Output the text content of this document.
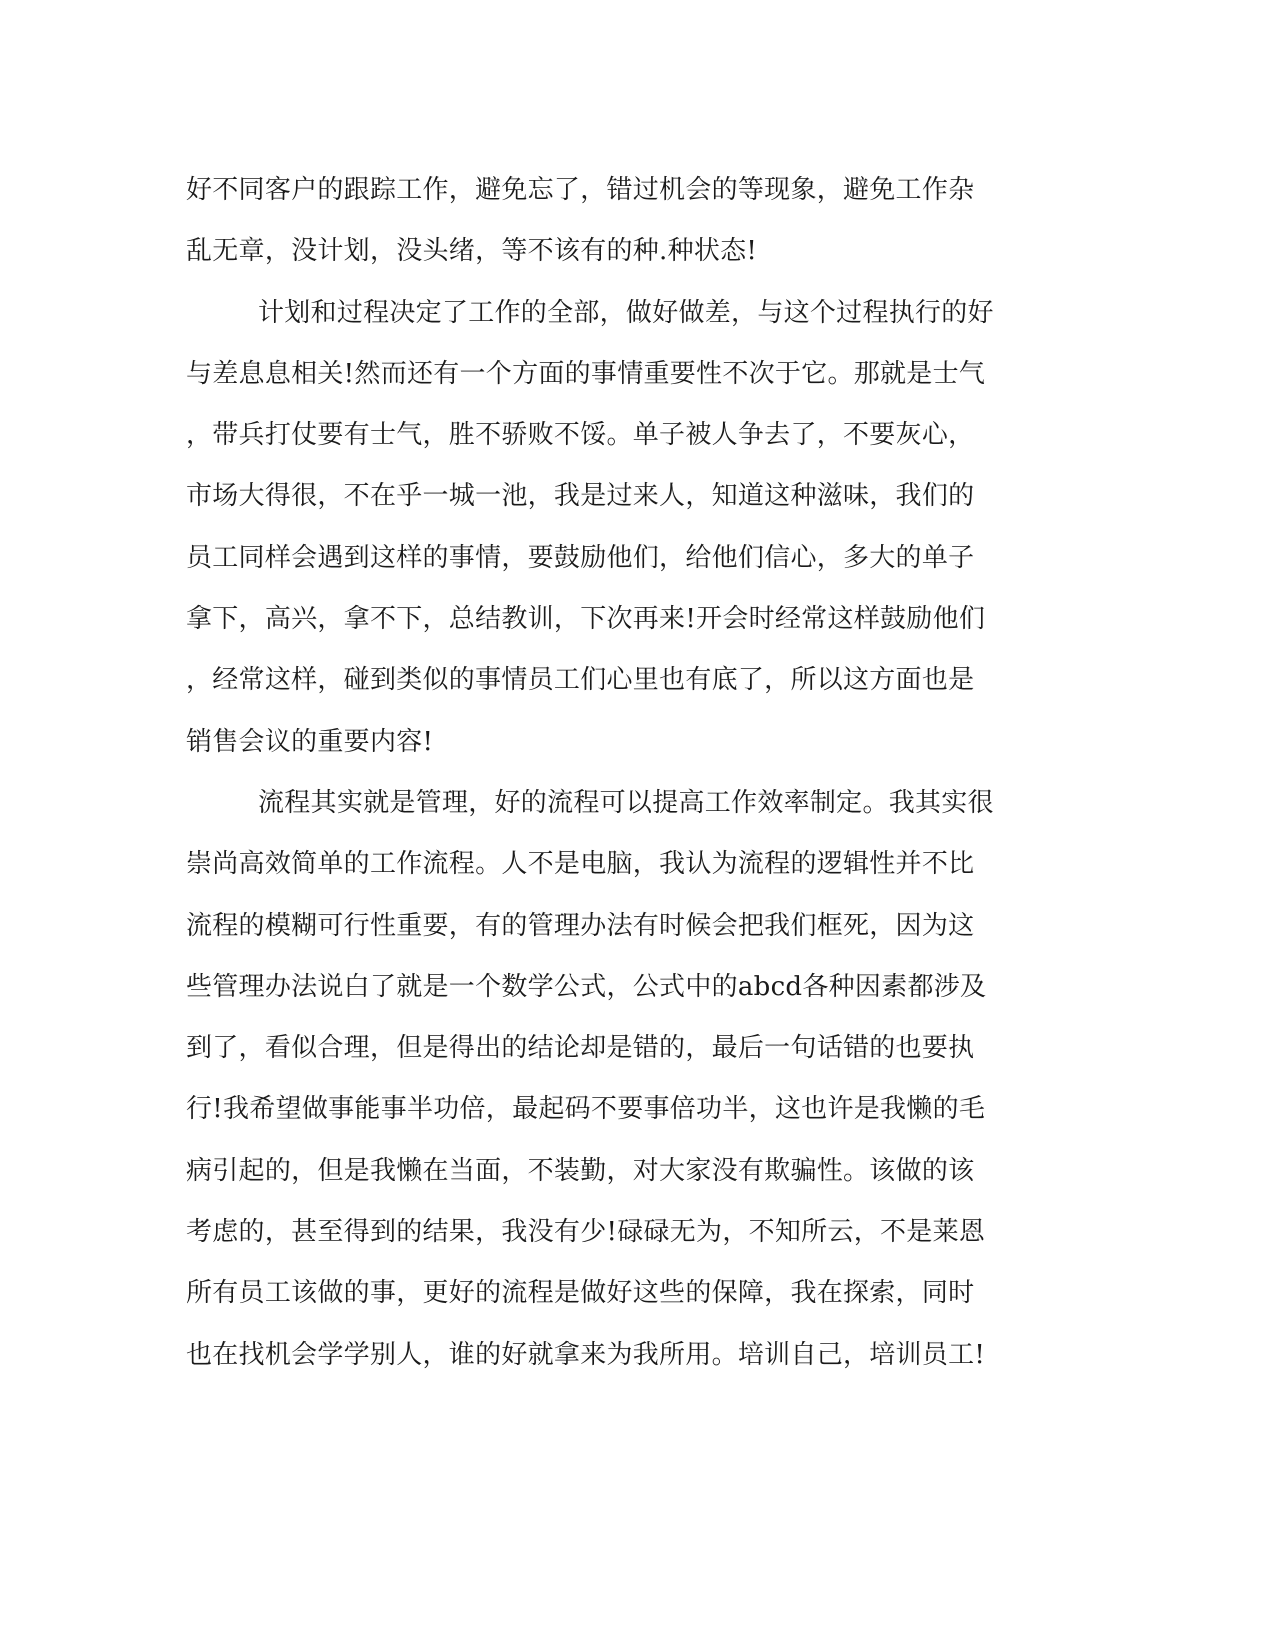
好不同客户的跟踪工作，避免忘了，错过机会的等现象，避免工作杂
乱无章，没计划，没头绪，等不该有的种.种状态!
计划和过程决定了工作的全部，做好做差，与这个过程执行的好
与差息息相关!然而还有一个方面的事情重要性不次于它。那就是士气
，带兵打仗要有士气，胜不骄败不馁。单子被人争去了，不要灰心，
市场大得很，不在乎一城一池，我是过来人，知道这种滋味，我们的
员工同样会遇到这样的事情，要鼓励他们，给他们信心，多大的单子
拿下，高兴，拿不下，总结教训，下次再来!开会时经常这样鼓励他们
，经常这样，碰到类似的事情员工们心里也有底了，所以这方面也是
销售会议的重要内容!
流程其实就是管理，好的流程可以提高工作效率制定。我其实很
崇尚高效简单的工作流程。人不是电脑，我认为流程的逻辑性并不比
流程的模糊可行性重要，有的管理办法有时候会把我们框死，因为这
些管理办法说白了就是一个数学公式，公式中的abcd各种因素都涉及
到了，看似合理，但是得出的结论却是错的，最后一句话错的也要执
行!我希望做事能事半功倍，最起码不要事倍功半，这也许是我懒的毛
病引起的，但是我懒在当面，不装勤，对大家没有欺骗性。该做的该
考虑的，甚至得到的结果，我没有少!碌碌无为，不知所云，不是莱恩
所有员工该做的事，更好的流程是做好这些的保障，我在探索，同时
也在找机会学学别人，谁的好就拿来为我所用。培训自己，培训员工!
